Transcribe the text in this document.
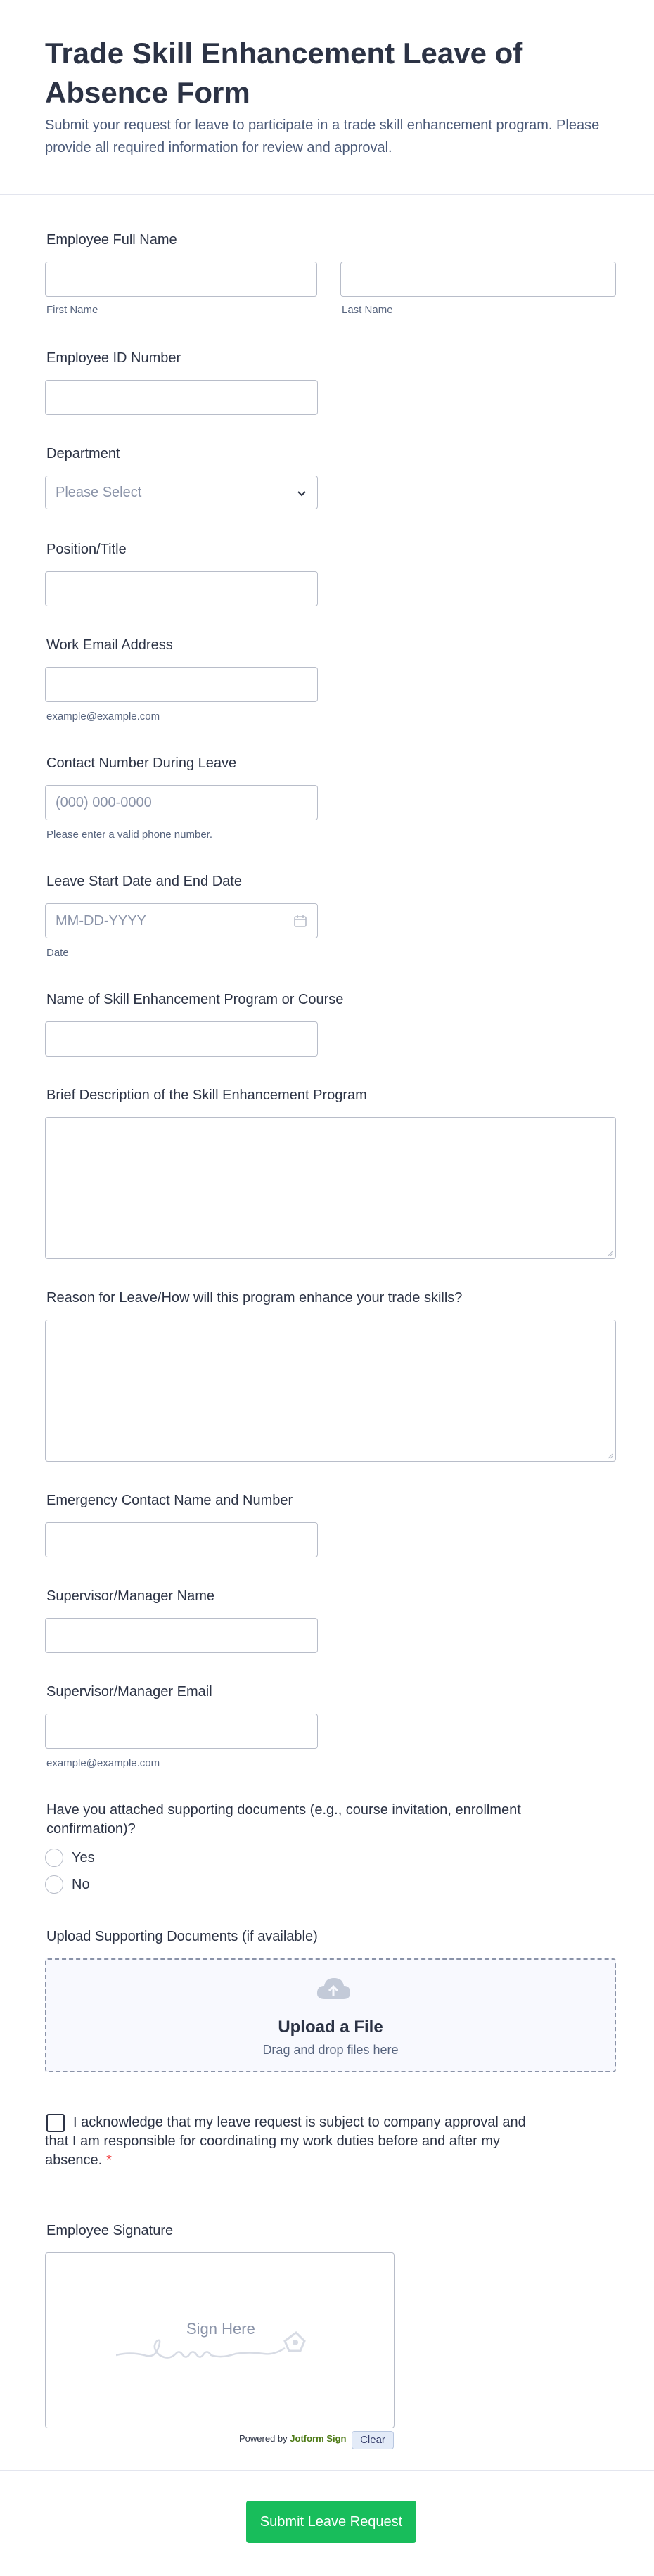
Trade Skill Enhancement Leave of Absence Form
Submit your request for leave to participate in a trade skill enhancement program. Please provide all required information for review and approval.
Employee Full Name
First Name	Last Name
Employee ID Number
Department
Please Select
Position/Title
Work Email Address
example@example.com
Contact Number During Leave
(000) 000-0000
Please enter a valid phone number.
Leave Start Date and End Date
MM-DD-YYYY
Date
Name of Skill Enhancement Program or Course
Brief Description of the Skill Enhancement Program
Reason for Leave/How will this program enhance your trade skills?
Emergency Contact Name and Number
Supervisor/Manager Name
Supervisor/Manager Email
example@example.com
Have you attached supporting documents (e.g., course invitation, enrollment confirmation)?
Yes
No
Upload Supporting Documents (if available)
Upload a File
Drag and drop files here
I acknowledge that my leave request is subject to company approval and that I am responsible for coordinating my work duties before and after my absence. *
Employee Signature
Sign Here
Powered by Jotform Sign	Clear
Submit Leave Request
